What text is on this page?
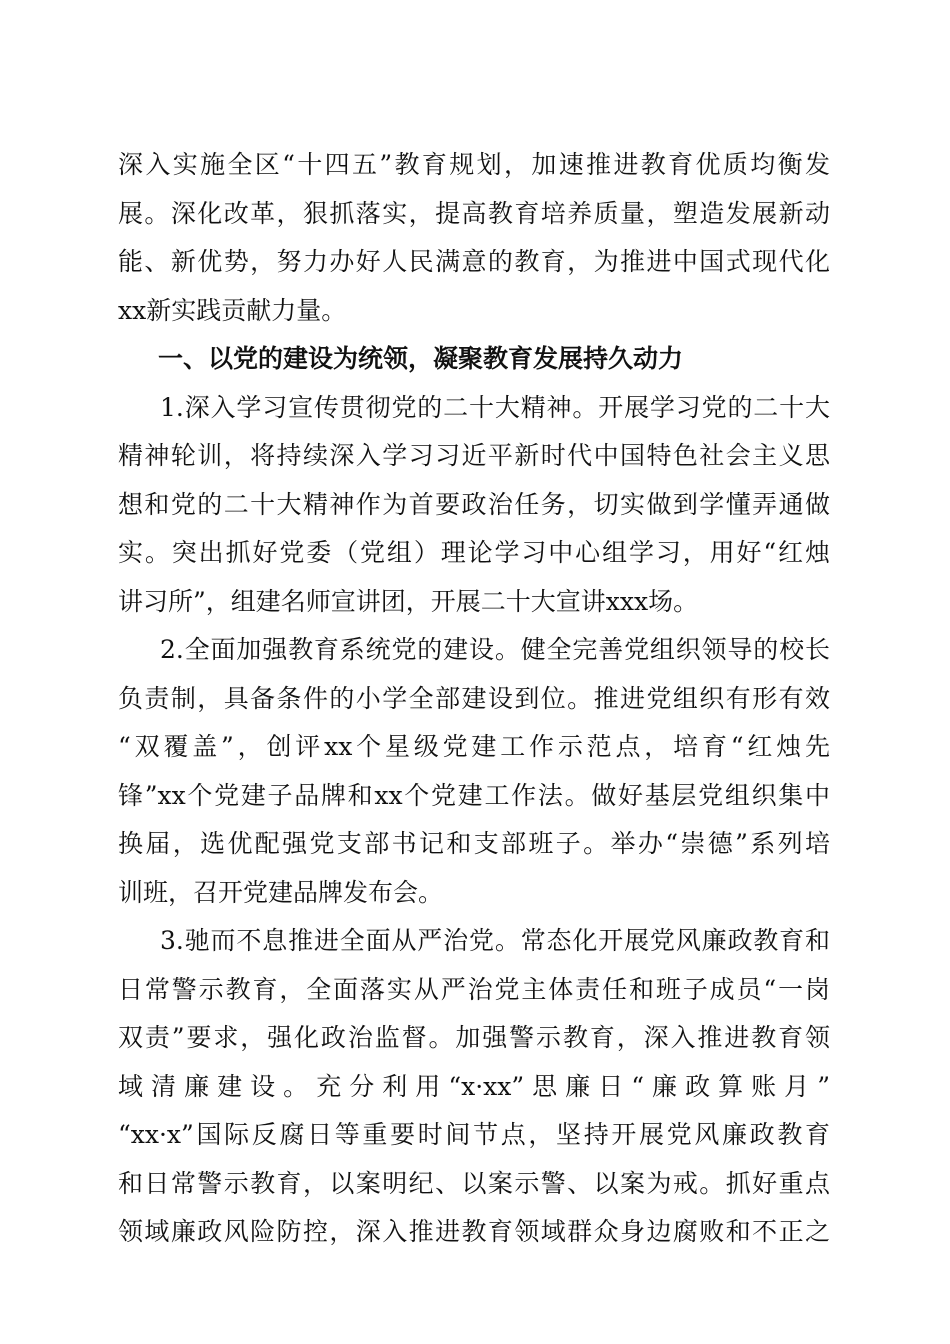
深入实施全区“十四五”教育规划，加速推进教育优质均衡发
展。深化改革，狠抓落实，提高教育培养质量，塑造发展新动
能、新优势，努力办好人民满意的教育，为推进中国式现代化
xx新实践贡献力量。
一、以党的建设为统领，凝聚教育发展持久动力
1.深入学习宣传贯彻党的二十大精神。开展学习党的二十大
精神轮训，将持续深入学习习近平新时代中国特色社会主义思
想和党的二十大精神作为首要政治任务，切实做到学懂弄通做
实。突出抓好党委（党组）理论学习中心组学习，用好“红烛
讲习所”，组建名师宣讲团，开展二十大宣讲xxx场。
2.全面加强教育系统党的建设。健全完善党组织领导的校长
负责制，具备条件的小学全部建设到位。推进党组织有形有效
“双覆盖”，创评xx个星级党建工作示范点，培育“红烛先
锋”xx个党建子品牌和xx个党建工作法。做好基层党组织集中
换届，选优配强党支部书记和支部班子。举办“崇德”系列培
训班，召开党建品牌发布会。
3.驰而不息推进全面从严治党。常态化开展党风廉政教育和
日常警示教育，全面落实从严治党主体责任和班子成员“一岗
双责”要求，强化政治监督。加强警示教育，深入推进教育领
域清廉建设。充分利用“x·xx”思廉日“廉政算账月”
“xx·x”国际反腐日等重要时间节点，坚持开展党风廉政教育
和日常警示教育，以案明纪、以案示警、以案为戒。抓好重点
领域廉政风险防控，深入推进教育领域群众身边腐败和不正之
